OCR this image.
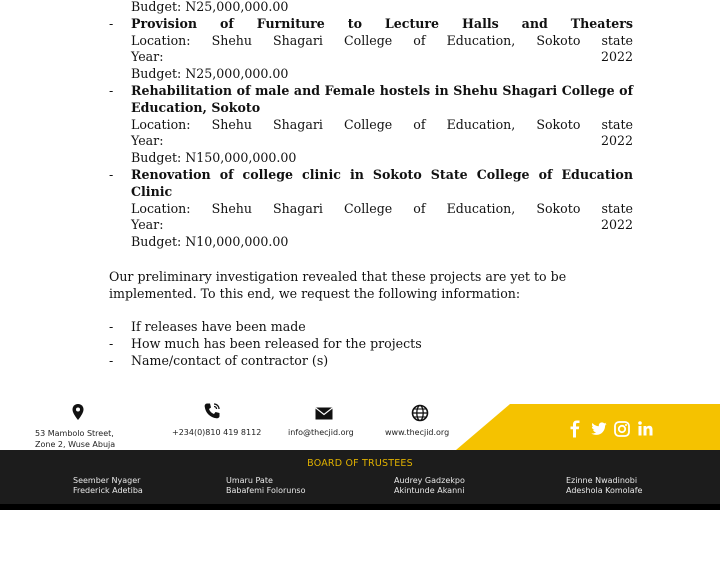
Budget: N25,000,000.00
- Provision of Furniture to Lecture Halls and Theaters
Location: Shehu Shagari College of Education, Sokoto state
Year:	2022
Budget: N25,000,000.00
- Rehabilitation of male and Female hostels in Shehu Shagari College of Education, Sokoto
Location: Shehu Shagari College of Education, Sokoto state
Year:	2022
Budget: N150,000,000.00
- Renovation of college clinic in Sokoto State College of Education Clinic
Location: Shehu Shagari College of Education, Sokoto state
Year:	2022
Budget: N10,000,000.00
Our preliminary investigation revealed that these projects are yet to be implemented. To this end, we request the following information:
- If releases have been made
- How much has been released for the projects
- Name/contact of contractor (s)
53 Mambolo Street,
Zone 2, Wuse Abuja
+234(0)810 419 8112	info@thecjid.org	www.thecjid.org
BOARD OF TRUSTEES
Seember Nyager
Frederick Adetiba
Umaru Pate
Babafemi Folorunso
Audrey Gadzekpo
Akintunde Akanni
Ezinne Nwadinobi
Adeshola Komolafe
